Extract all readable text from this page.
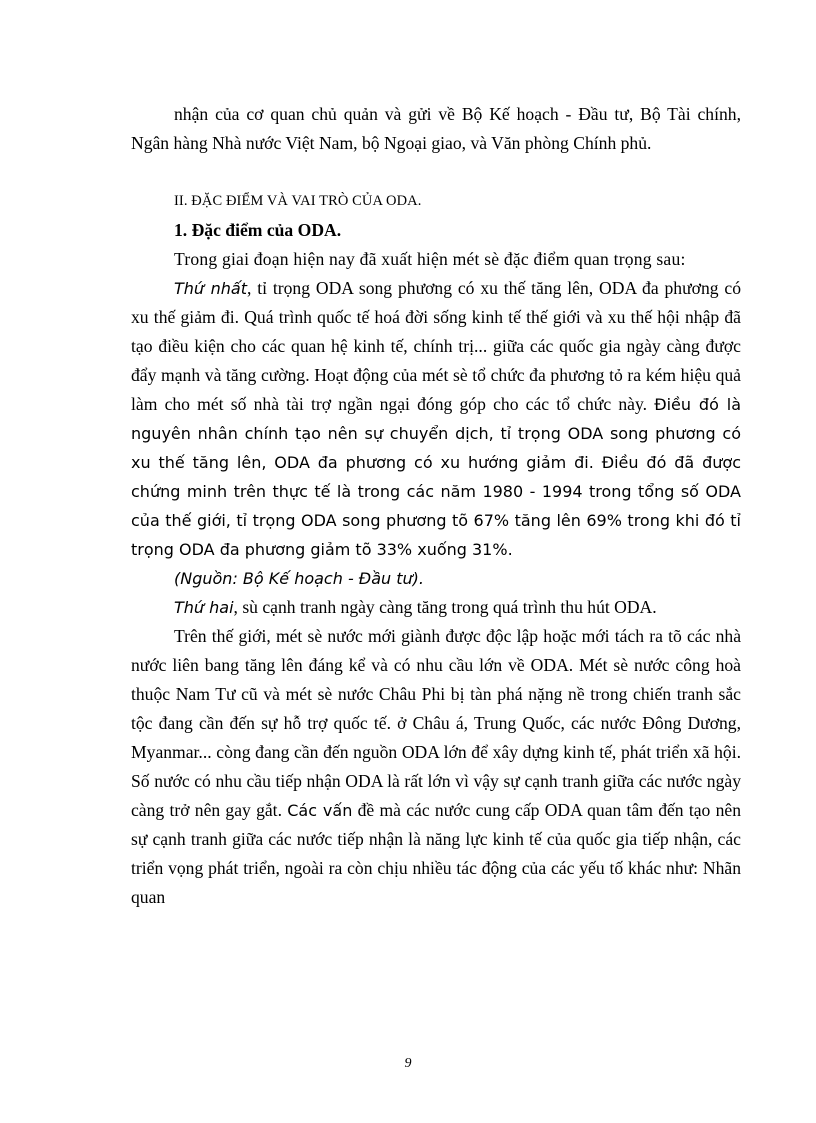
nhận của cơ quan chủ quản và gửi về Bộ Kế hoạch - Đầu tư, Bộ Tài chính, Ngân hàng Nhà nước Việt Nam, bộ Ngoại giao, và Văn phòng Chính phủ.

II. ĐẶC ĐIỂM VÀ VAI TRÒ CỦA ODA.

1. Đặc điểm của ODA.

Trong giai đoạn hiện nay đã xuất hiện mét sè đặc điểm quan trọng sau:

Thứ nhất, tỉ trọng ODA song phương có xu thế tăng lên, ODA đa phương có xu thế giảm đi. Quá trình quốc tế hoá đời sống kinh tế thế giới và xu thế hội nhập đã tạo điều kiện cho các quan hệ kinh tế, chính trị... giữa các quốc gia ngày càng được đẩy mạnh và tăng cường. Hoạt động của mét sè tổ chức đa phương tỏ ra kém hiệu quả làm cho mét số nhà tài trợ ngần ngại đóng góp cho các tổ chức này. Điều đó là nguyên nhân chính tạo nên sự chuyển dịch, tỉ trọng ODA song phương có xu thế tăng lên, ODA đa phương có xu hướng giảm đi. Điều đó đã được chứng minh trên thực tế là trong các năm 1980 - 1994 trong tổng số ODA của thế giới, tỉ trọng ODA song phương tõ 67% tăng lên 69% trong khi đó tỉ trọng ODA đa phương giảm tõ 33% xuống 31%.

(Nguồn: Bộ Kế hoạch - Đầu tư).

Thứ hai, sù cạnh tranh ngày càng tăng trong quá trình thu hút ODA.

Trên thế giới, mét sè nước mới giành được độc lập hoặc mới tách ra tõ các nhà nước liên bang tăng lên đáng kể và có nhu cầu lớn về ODA. Mét sè nước công hoà thuộc Nam Tư cũ và mét sè nước Châu Phi bị tàn phá nặng nề trong chiến tranh sắc tộc đang cần đến sự hỗ trợ quốc tế. ở Châu á, Trung Quốc, các nước Đông Dương, Myanmar... còng đang cần đến nguồn ODA lớn để xây dựng kinh tế, phát triển xã hội. Số nước có nhu cầu tiếp nhận ODA là rất lớn vì vậy sự cạnh tranh giữa các nước ngày càng trở nên gay gắt. Các vấn đề mà các nước cung cấp ODA quan tâm đến tạo nên sự cạnh tranh giữa các nước tiếp nhận là năng lực kinh tế của quốc gia tiếp nhận, các triển vọng phát triển, ngoài ra còn chịu nhiều tác động của các yếu tố khác như: Nhãn quan

9
